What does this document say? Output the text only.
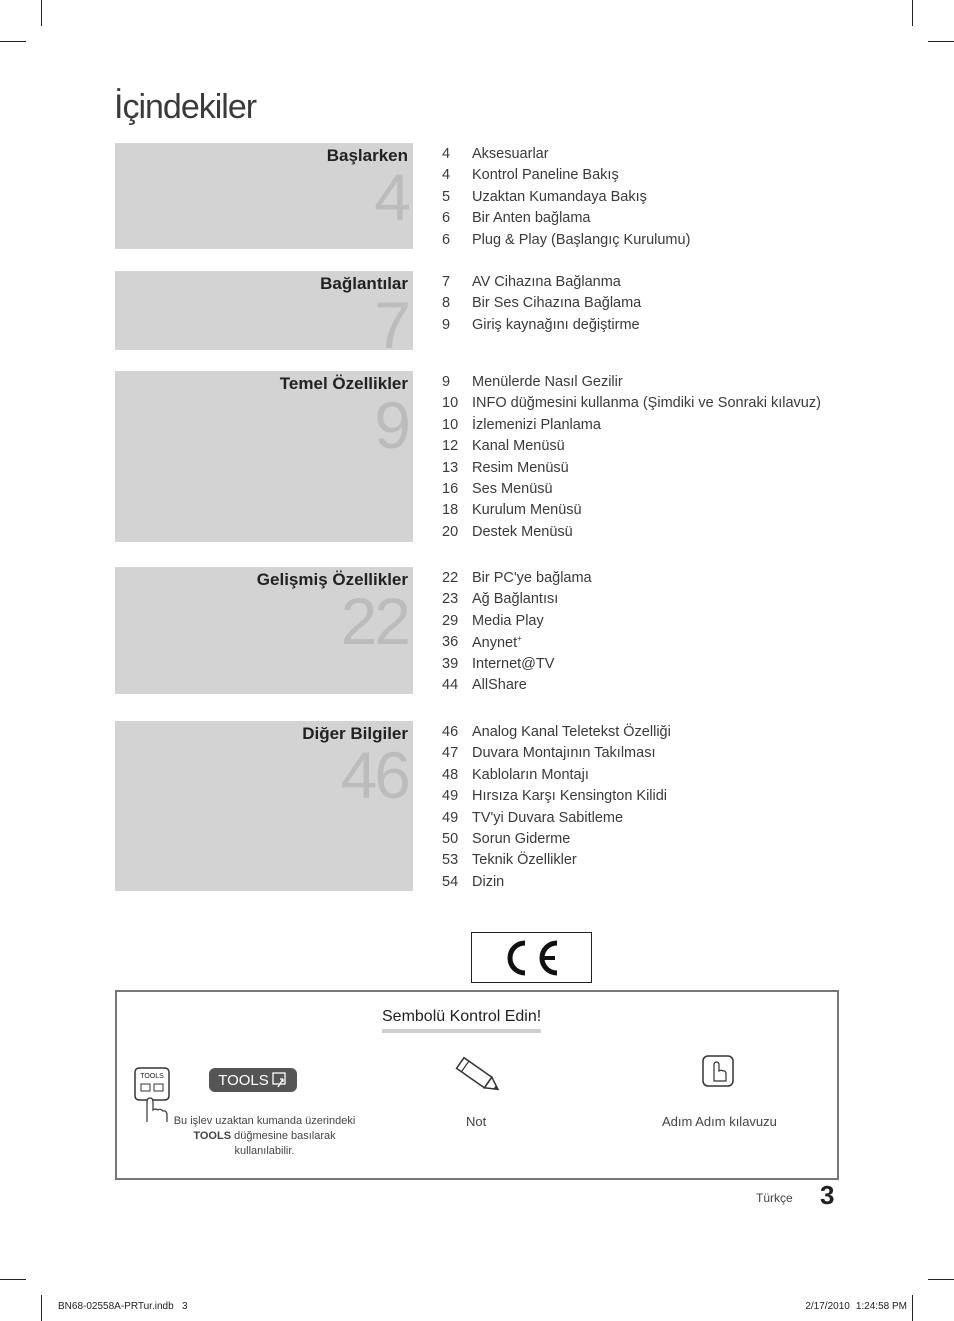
İçindekiler
Başlarken
4
4	Aksesuarlar
4	Kontrol Paneline Bakış
5	Uzaktan Kumandaya Bakış
6	Bir Anten bağlama
6	Plug & Play (Başlangıç Kurulumu)
Bağlantılar
7
7	AV Cihazına Bağlanma
8	Bir Ses Cihazına Bağlama
9	Giriş kaynağını değiştirme
Temel Özellikler
9
9	Menülerde Nasıl Gezilir
10 INFO düğmesini kullanma (Şimdiki ve Sonraki kılavuz)
10 İzlemenizi Planlama
12 Kanal Menüsü
13 Resim Menüsü
16 Ses Menüsü
18 Kurulum Menüsü
20 Destek Menüsü
Gelişmiş Özellikler
22
22 Bir PC'ye bağlama
23 Ağ Bağlantısı
29 Media Play
36 Anynet+
39 Internet@TV
44 AllShare
Diğer Bilgiler
46
46 Analog Kanal Teletekst Özelliği
47 Duvara Montajının Takılması
48 Kabloların Montajı
49 Hırsıza Karşı Kensington Kilidi
49 TV'yi Duvara Sabitleme
50 Sorun Giderme
53 Teknik Özellikler
54 Dizin
Sembolü Kontrol Edin!
TOOLS	TOOLS
Bu işlev uzaktan kumanda üzerindeki
TOOLS düğmesine basılarak
kullanılabilir.
Not	Adım Adım kılavuzu
Türkçe 3
BN68-02558A-PRTur.indb   3	2/17/2010 1:24:58 PM
